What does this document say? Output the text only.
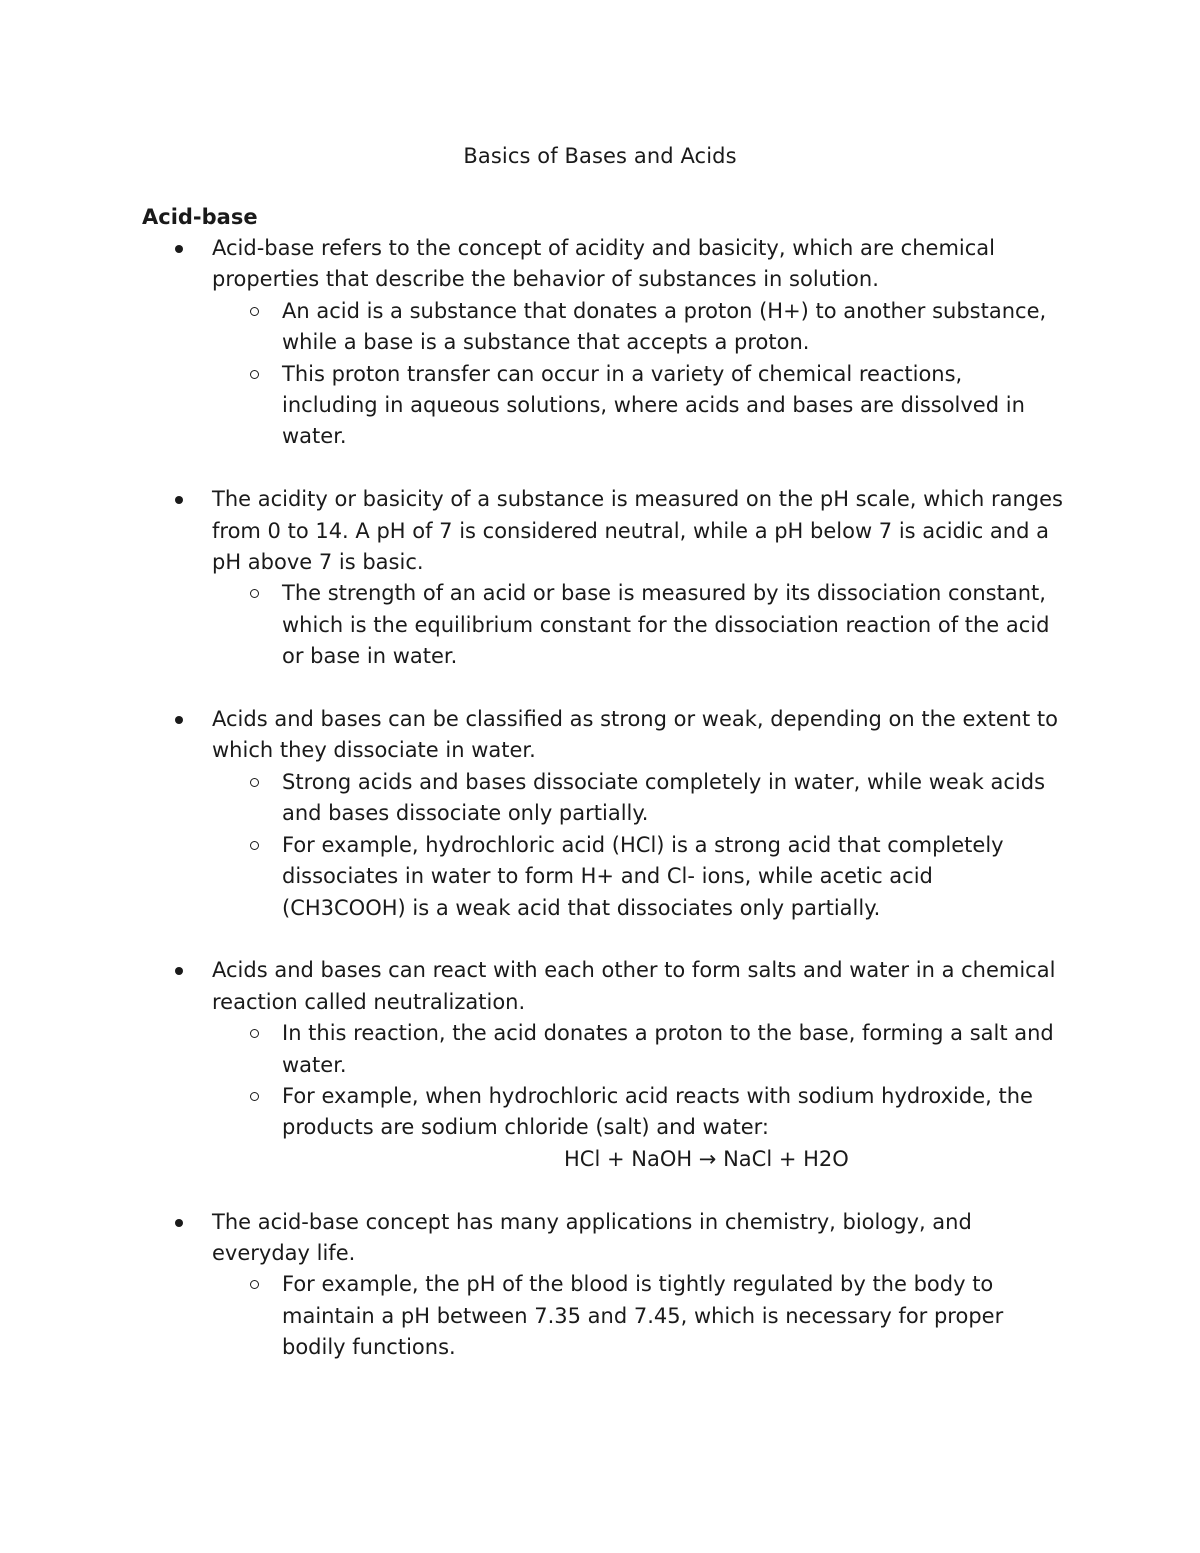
Basics of Bases and Acids
Acid-base
Acid-base refers to the concept of acidity and basicity, which are chemical properties that describe the behavior of substances in solution.
An acid is a substance that donates a proton (H+) to another substance, while a base is a substance that accepts a proton.
This proton transfer can occur in a variety of chemical reactions, including in aqueous solutions, where acids and bases are dissolved in water.
The acidity or basicity of a substance is measured on the pH scale, which ranges from 0 to 14. A pH of 7 is considered neutral, while a pH below 7 is acidic and a pH above 7 is basic.
The strength of an acid or base is measured by its dissociation constant, which is the equilibrium constant for the dissociation reaction of the acid or base in water.
Acids and bases can be classified as strong or weak, depending on the extent to which they dissociate in water.
Strong acids and bases dissociate completely in water, while weak acids and bases dissociate only partially.
For example, hydrochloric acid (HCl) is a strong acid that completely dissociates in water to form H+ and Cl- ions, while acetic acid (CH3COOH) is a weak acid that dissociates only partially.
Acids and bases can react with each other to form salts and water in a chemical reaction called neutralization.
In this reaction, the acid donates a proton to the base, forming a salt and water.
For example, when hydrochloric acid reacts with sodium hydroxide, the products are sodium chloride (salt) and water:
HCl + NaOH → NaCl + H2O
The acid-base concept has many applications in chemistry, biology, and everyday life.
For example, the pH of the blood is tightly regulated by the body to maintain a pH between 7.35 and 7.45, which is necessary for proper bodily functions.
